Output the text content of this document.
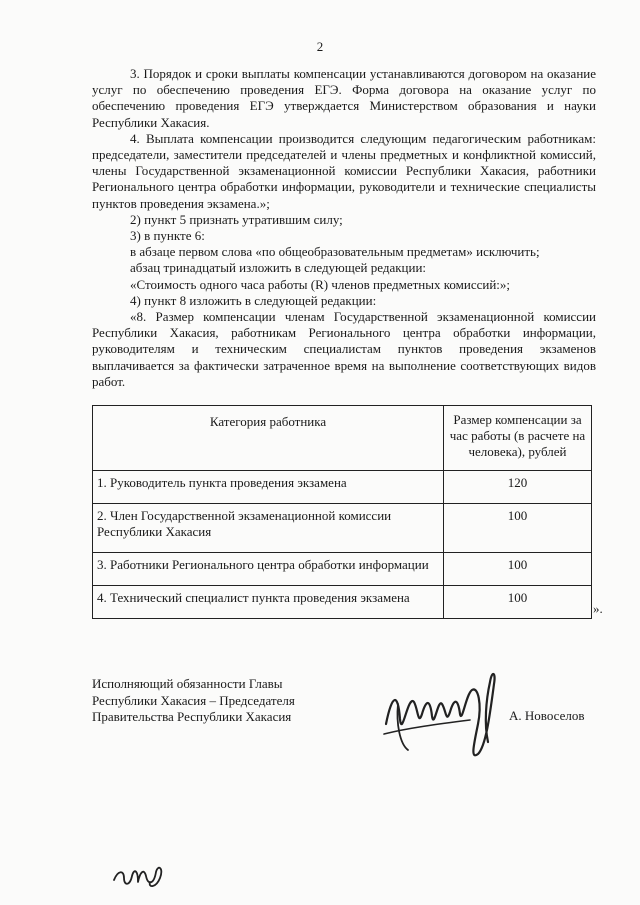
2

3. Порядок и сроки выплаты компенсации устанавливаются договором на оказание услуг по обеспечению проведения ЕГЭ. Форма договора на оказание услуг по обеспечению проведения ЕГЭ утверждается Министерством образования и науки Республики Хакасия.

4. Выплата компенсации производится следующим педагогическим работникам: председатели, заместители председателей и члены предметных и конфликтной комиссий, члены Государственной экзаменационной комиссии Республики Хакасия, работники Регионального центра обработки информации, руководители и технические специалисты пунктов проведения экзамена.»;

2) пункт 5 признать утратившим силу;

3) в пункте 6:

в абзаце первом слова «по общеобразовательным предметам» исключить;

абзац тринадцатый изложить в следующей редакции:

«Стоимость одного часа работы (R) членов предметных комиссий:»;

4) пункт 8 изложить в следующей редакции:

«8. Размер компенсации членам Государственной экзаменационной комиссии Республики Хакасия, работникам Регионального центра обработки информации, руководителям и техническим специалистам пунктов проведения экзаменов выплачивается за фактически затраченное время на выполнение соответствующих видов работ.

Категория работника	Размер компенсации за час работы (в расчете на человека), рублей
1. Руководитель пункта проведения экзамена	120
2. Член Государственной экзаменационной комиссии Республики Хакасия	100
3. Работники Регионального центра обработки информации	100
4. Технический специалист пункта проведения экзамена	100
».
Исполняющий обязанности Главы
Республики Хакасия – Председателя
Правительства Республики Хакасия	А. Новоселов
